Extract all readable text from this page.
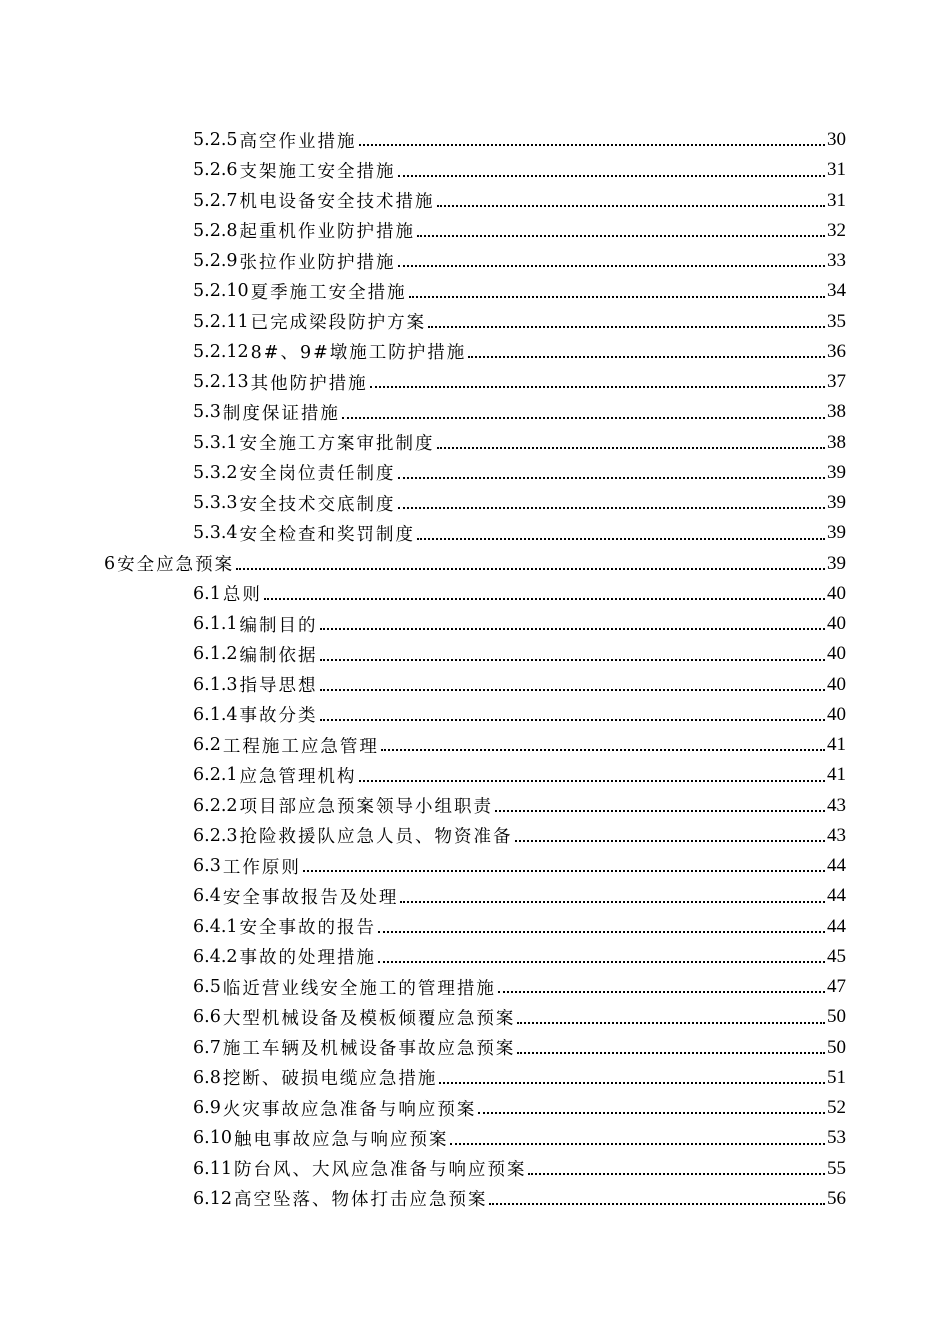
5.2.5 高空作业措施	30
5.2.6 支架施工安全措施	31
5.2.7 机电设备安全技术措施	31
5.2.8 起重机作业防护措施	32
5.2.9 张拉作业防护措施	33
5.2.10 夏季施工安全措施	34
5.2.11 已完成梁段防护方案	35
5.2.12 8#、9#墩施工防护措施	36
5.2.13 其他防护措施	37
5.3 制度保证措施	38
5.3.1 安全施工方案审批制度	38
5.3.2 安全岗位责任制度	39
5.3.3 安全技术交底制度	39
5.3.4 安全检查和奖罚制度	39
6 安全应急预案	39
6.1 总则	40
6.1.1 编制目的	40
6.1.2 编制依据	40
6.1.3 指导思想	40
6.1.4 事故分类	40
6.2 工程施工应急管理	41
6.2.1 应急管理机构	41
6.2.2 项目部应急预案领导小组职责	43
6.2.3 抢险救援队应急人员、物资准备	43
6.3 工作原则	44
6.4 安全事故报告及处理	44
6.4.1 安全事故的报告	44
6.4.2 事故的处理措施	45
6.5 临近营业线安全施工的管理措施	47
6.6 大型机械设备及模板倾覆应急预案	50
6.7 施工车辆及机械设备事故应急预案	50
6.8 挖断、破损电缆应急措施	51
6.9 火灾事故应急准备与响应预案	52
6.10 触电事故应急与响应预案	53
6.11 防台风、大风应急准备与响应预案	55
6.12 高空坠落、物体打击应急预案	56
